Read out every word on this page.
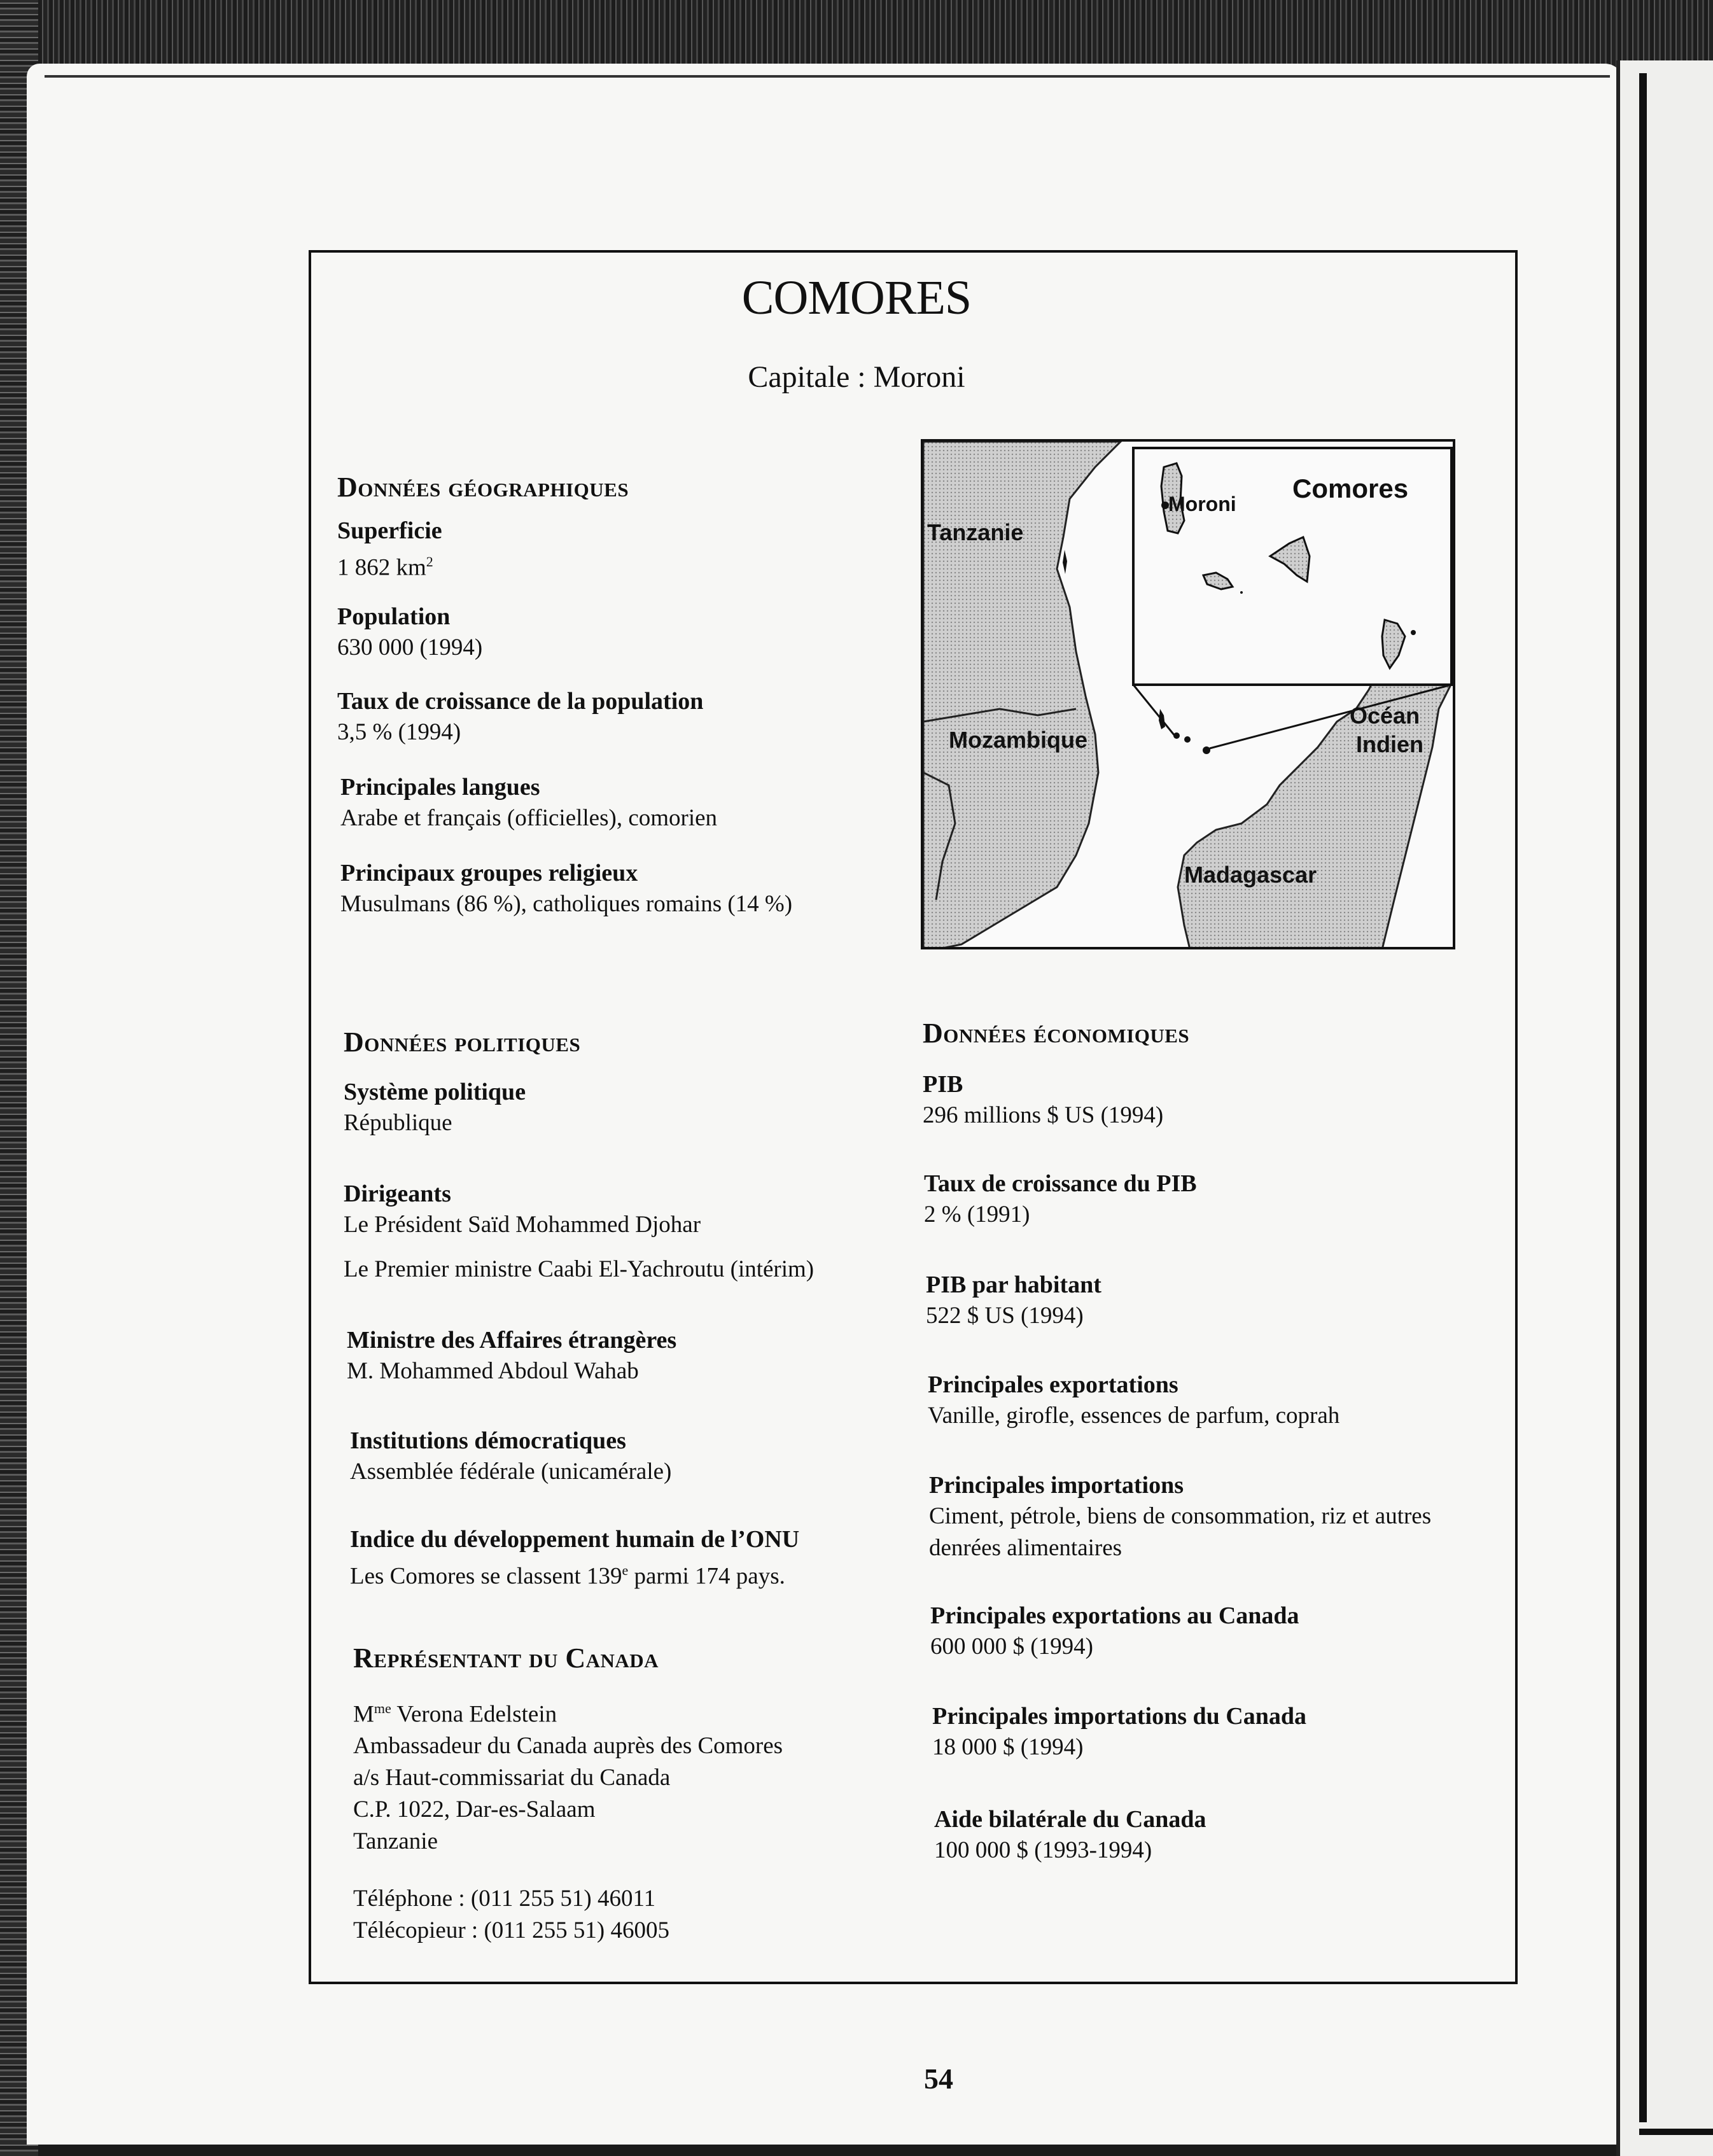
COMORES
Capitale : Moroni
Données géographiques
Superficie
1 862 $km^2$
Population
630 000 (1994)
Taux de croissance de la population
3,5 % (1994)
Principales langues
Arabe et français (officielles), comorien
Principaux groupes religieux
Musulmans (86 %), catholiques romains (14 %)
Tanzanie
Mozambique
Madagascar
Moroni
Comores
Océan
Indien
Données politiques
Système politique
République
Dirigeants
Le Président Saïd Mohammed Djohar
Le Premier ministre Caabi El-Yachroutu (intérim)
Ministre des Affaires étrangères
M. Mohammed Abdoul Wahab
Institutions démocratiques
Assemblée fédérale (unicamérale)
Indice du développement humain de l’ONU
Les Comores se classent 139e parmi 174 pays.
Représentant du Canada
$M^{me}$ Verona Edelstein
Ambassadeur du Canada auprès des Comores
a/s Haut-commissariat du Canada
C.P. 1022, Dar-es-Salaam
Tanzanie
Téléphone : (011 255 51) 46011
Télécopieur : (011 255 51) 46005
Données économiques
PIB
296 millions $ US (1994)
Taux de croissance du PIB
2 % (1991)
PIB par habitant
522 $ US (1994)
Principales exportations
Vanille, girofle, essences de parfum, coprah
Principales importations
Ciment, pétrole, biens de consommation, riz et autres
denrées alimentaires
Principales exportations au Canada
600 000 $ (1994)
Principales importations du Canada
18 000 $ (1994)
Aide bilatérale du Canada
100 000 $ (1993-1994)
54
